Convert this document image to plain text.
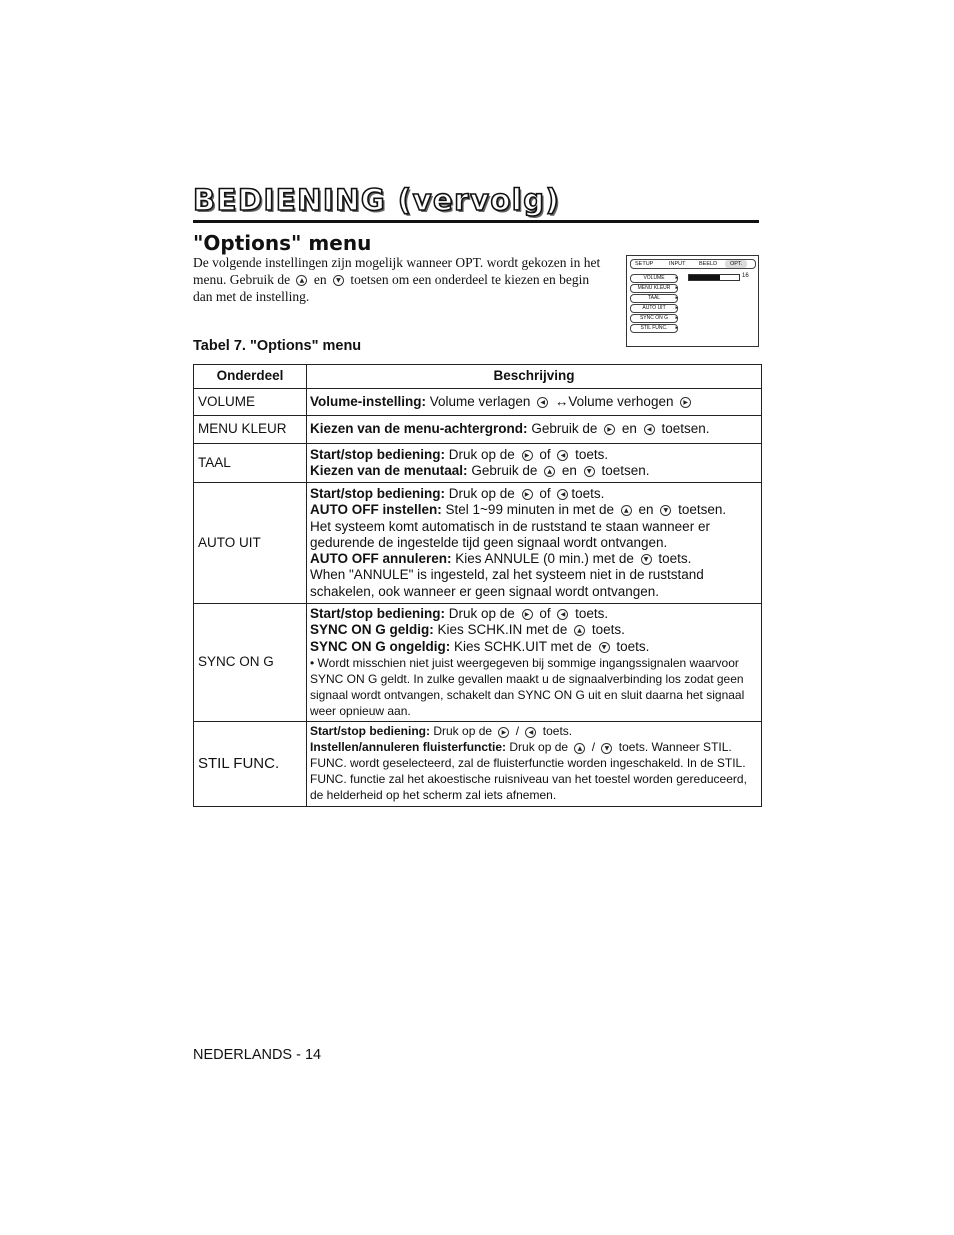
BEDIENING (vervolg)
"Options" menu

De volgende instellingen zijn mogelijk wanneer OPT. wordt gekozen in het menu. Gebruik de ▲ en ▼ toetsen om een onderdeel te kiezen en begin dan met de instelling.

SETUP	INPUT BEELD	OPT.
VOLUME ▸
MENU KLEUR ▸
TAAL ▸
AUTO UIT ▸
SYNC ON G ▸
STIL FUNC. ▸
16

Tabel 7. "Options" menu

Onderdeel	Beschrijving
VOLUME	Volume-instelling: Volume verlagen ◀ ↔Volume verhogen ▶
MENU KLEUR	Kiezen van de menu-achtergrond: Gebruik de ▶ en ◀ toetsen.
TAAL	Start/stop bediening: Druk op de ▶ of ◀ toets.
Kiezen van de menutaal: Gebruik de ▲ en ▼ toetsen.

AUTO UIT	Start/stop bediening: Druk op de ▶ of ◀ toets.
AUTO OFF instellen: Stel 1~99 minuten in met de ▲ en ▼ toetsen.
Het systeem komt automatisch in de ruststand te staan wanneer er gedurende de ingestelde tijd geen signaal wordt ontvangen.
AUTO OFF annuleren: Kies ANNULE (0 min.) met de ▼ toets.
When "ANNULE" is ingesteld, zal het systeem niet in de ruststand schakelen, ook wanneer er geen signaal wordt ontvangen.

SYNC ON G	Start/stop bediening: Druk op de ▶ of ◀ toets.
SYNC ON G geldig: Kies SCHK.IN met de ▲ toets.
SYNC ON G ongeldig: Kies SCHK.UIT met de ▼ toets.
• Wordt misschien niet juist weergegeven bij sommige ingangssignalen waarvoor SYNC ON G geldt. In zulke gevallen maakt u de signaalverbinding los zodat geen signaal wordt ontvangen, schakelt dan SYNC ON G uit en sluit daarna het signaal weer opnieuw aan.

STIL FUNC.	Start/stop bediening: Druk op de ▶ / ◀ toets.
Instellen/annuleren fluisterfunctie: Druk op de ▲ / ▼ toets. Wanneer STIL. FUNC. wordt geselecteerd, zal de fluisterfunctie worden ingeschakeld. In de STIL. FUNC. functie zal het akoestische ruisniveau van het toestel worden gereduceerd, de helderheid op het scherm zal iets afnemen.

NEDERLANDS - 14
